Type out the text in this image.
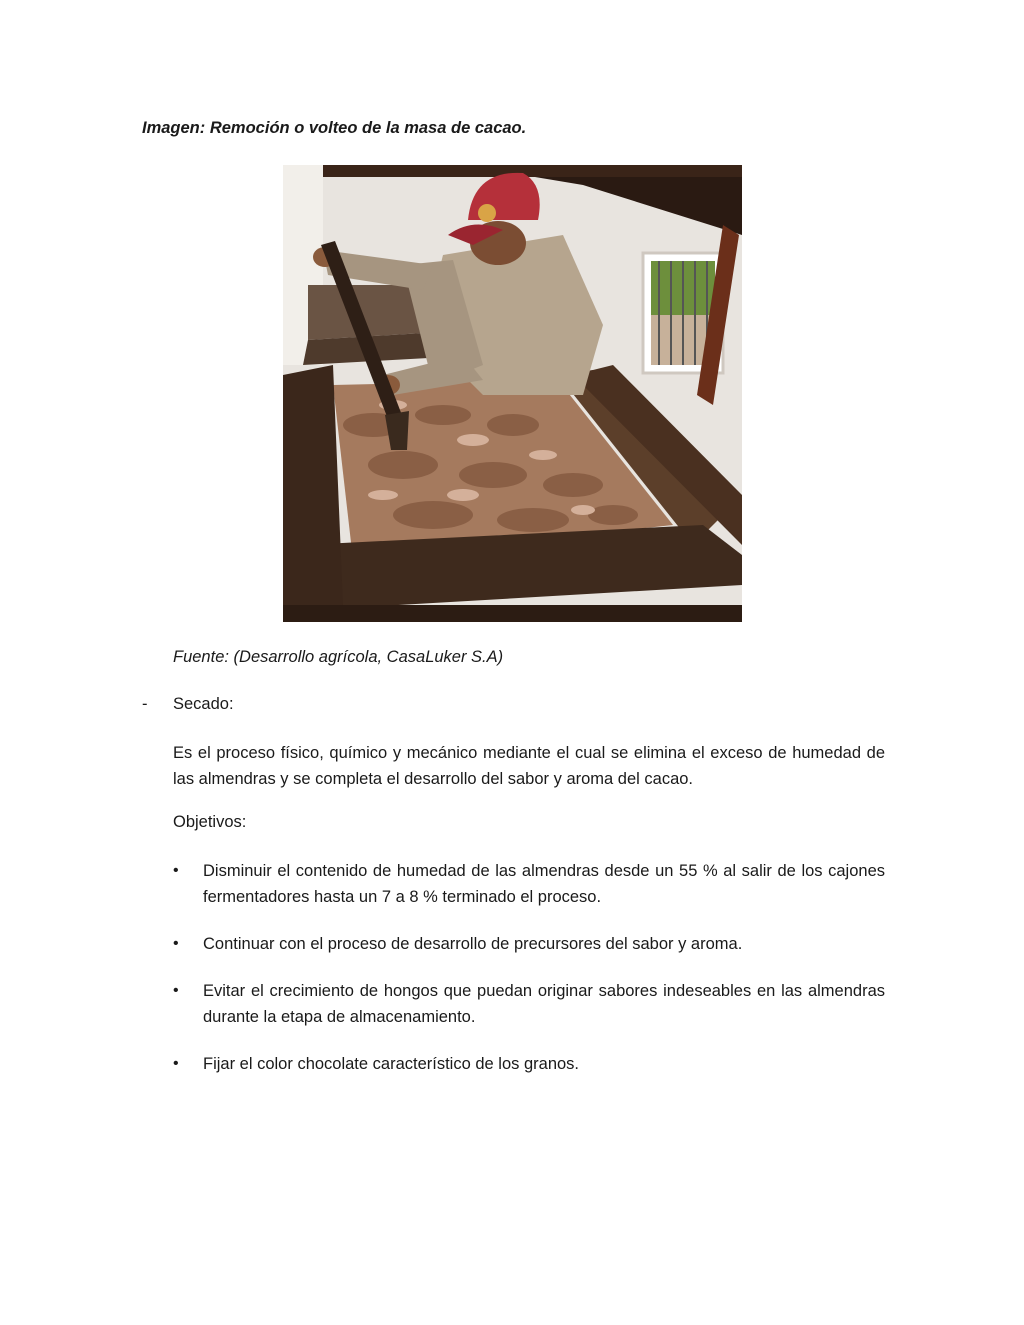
Imagen: Remoción o volteo de la masa de cacao.
Fuente: (Desarrollo agrícola, CasaLuker S.A)
- Secado:
Es el proceso físico, químico y mecánico mediante el cual se elimina el exceso de humedad de las almendras y se completa el desarrollo del sabor y aroma del cacao.
Objetivos:
• Disminuir el contenido de humedad de las almendras desde un 55 % al salir de los cajones fermentadores hasta un 7 a 8 % terminado el proceso.
• Continuar con el proceso de desarrollo de precursores del sabor y aroma.
• Evitar el crecimiento de hongos que puedan originar sabores indeseables en las almendras durante la etapa de almacenamiento.
• Fijar el color chocolate característico de los granos.
